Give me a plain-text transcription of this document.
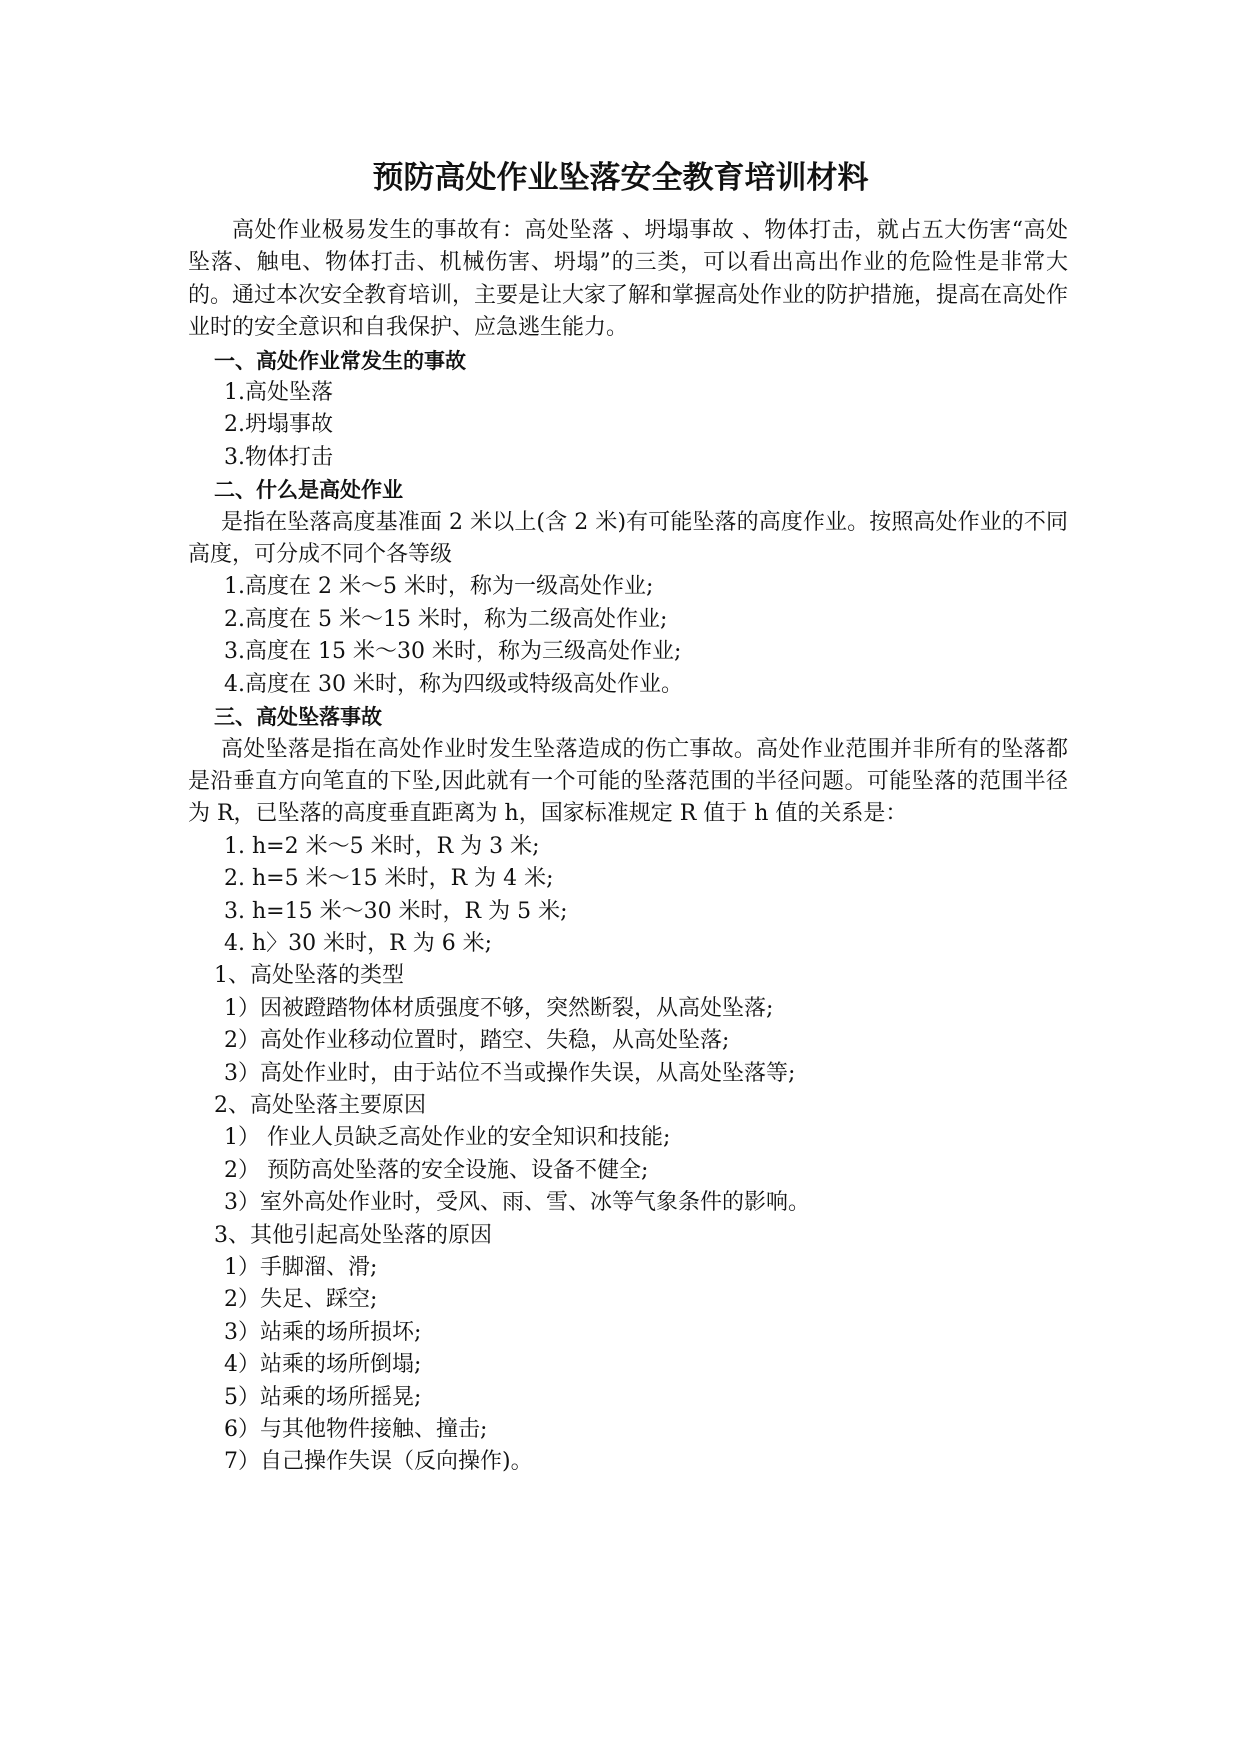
预防高处作业坠落安全教育培训材料

高处作业极易发生的事故有：高处坠落 、坍塌事故 、物体打击，就占五大伤害“高处坠落、触电、物体打击、机械伤害、坍塌”的三类，可以看出高出作业的危险性是非常大的。通过本次安全教育培训，主要是让大家了解和掌握高处作业的防护措施，提高在高处作业时的安全意识和自我保护、应急逃生能力。

一、高处作业常发生的事故

1.高处坠落

2.坍塌事故

3.物体打击

二、什么是高处作业

是指在坠落高度基准面 2 米以上(含 2 米)有可能坠落的高度作业。按照高处作业的不同高度，可分成不同个各等级

1.高度在 2 米～5 米时，称为一级高处作业;

2.高度在 5 米～15 米时，称为二级高处作业;

3.高度在 15 米～30 米时，称为三级高处作业;

4.高度在 30 米时，称为四级或特级高处作业。

三、高处坠落事故

高处坠落是指在高处作业时发生坠落造成的伤亡事故。高处作业范围并非所有的坠落都是沿垂直方向笔直的下坠,因此就有一个可能的坠落范围的半径问题。可能坠落的范围半径为 R，已坠落的高度垂直距离为 h，国家标准规定 R 值于 h 值的关系是：

1. h=2 米～5 米时，R 为 3 米;

2. h=5 米～15 米时，R 为 4 米;

3. h=15 米～30 米时，R 为 5 米;

4. h〉30 米时，R 为 6 米;

1、高处坠落的类型

1）因被蹬踏物体材质强度不够，突然断裂，从高处坠落;

2）高处作业移动位置时，踏空、失稳，从高处坠落;

3）高处作业时，由于站位不当或操作失误，从高处坠落等;

2、高处坠落主要原因

1） 作业人员缺乏高处作业的安全知识和技能;

2） 预防高处坠落的安全设施、设备不健全;

3）室外高处作业时，受风、雨、雪、冰等气象条件的影响。

3、其他引起高处坠落的原因

1）手脚溜、滑;

2）失足、踩空;

3）站乘的场所损坏;

4）站乘的场所倒塌;

5）站乘的场所摇晃;

6）与其他物件接触、撞击;

7）自己操作失误（反向操作)。
